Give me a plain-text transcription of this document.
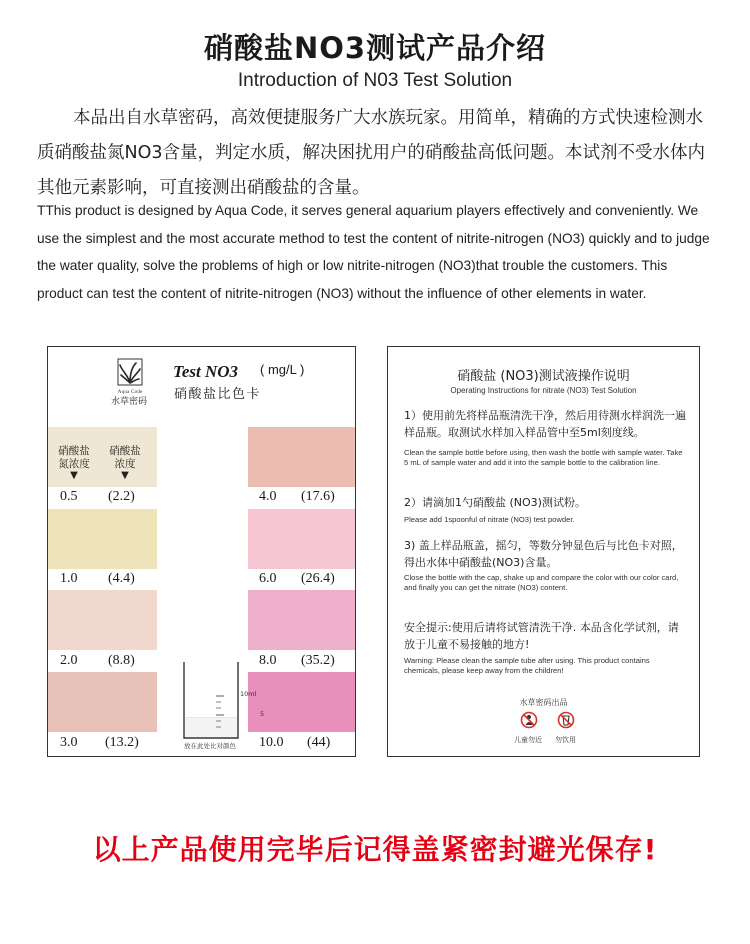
硝酸盐NO3测试产品介绍
Introduction of N03 Test Solution
本品出自水草密码，高效便捷服务广大水族玩家。用简单，精确的方式快速检测水质硝酸盐氮NO3含量，判定水质，解决困扰用户的硝酸盐高低问题。本试剂不受水体内其他元素影响，可直接测出硝酸盐的含量。
TThis product is designed by Aqua Code, it serves general aquarium players effectively and conveniently. We use the simplest and the most accurate method to test the content of nitrite-nitrogen (NO3) quickly and to judge the water quality, solve the problems of high or low nitrite-nitrogen (NO3)that trouble the customers. This product can test the content of nitrite-nitrogen (NO3) without the influence of other elements in water.
Aqua Code
水草密码
Test NO3 ( mg/L )
硝酸盐比色卡
硝酸盐氮浓度
▼
硝酸盐浓度
▼
0.5 (2.2)
1.0 (4.4)
2.0 (8.8)
3.0 (13.2)
4.0 (17.6)
6.0 (26.4)
8.0 (35.2)
10.0 (44)
10ml
5
放在此处比对颜色
硝酸盐 (NO3)测试液操作说明
Operating Instructions for nitrate (NO3) Test Solution
1）使用前先将样品瓶清洗干净，然后用待测水样润洗一遍样品瓶。取测试水样加入样品管中至5ml刻度线。
Clean the sample bottle before using, then wash the bottle with sample water. Take 5 mL of sample water and add it into the sample bottle to the calibration line.
2）请滴加1勺硝酸盐 (NO3)测试粉。
Please add 1spoonful of nitrate (NO3) test powder.
3) 盖上样品瓶盖，摇匀，等数分钟显色后与比色卡对照，得出水体中硝酸盐(NO3)含量。
Close the bottle with the cap, shake up and compare the color with our color card, and finally you can get the nitrate (NO3) content.
安全提示:使用后请将试管清洗干净. 本品含化学试剂，请放于儿童不易接触的地方!
Warning: Please clean the sample tube after using. This product contains chemicals, please keep away from the children!
水草密码出品
儿童勿近 勿饮用
以上产品使用完毕后记得盖紧密封避光保存!
